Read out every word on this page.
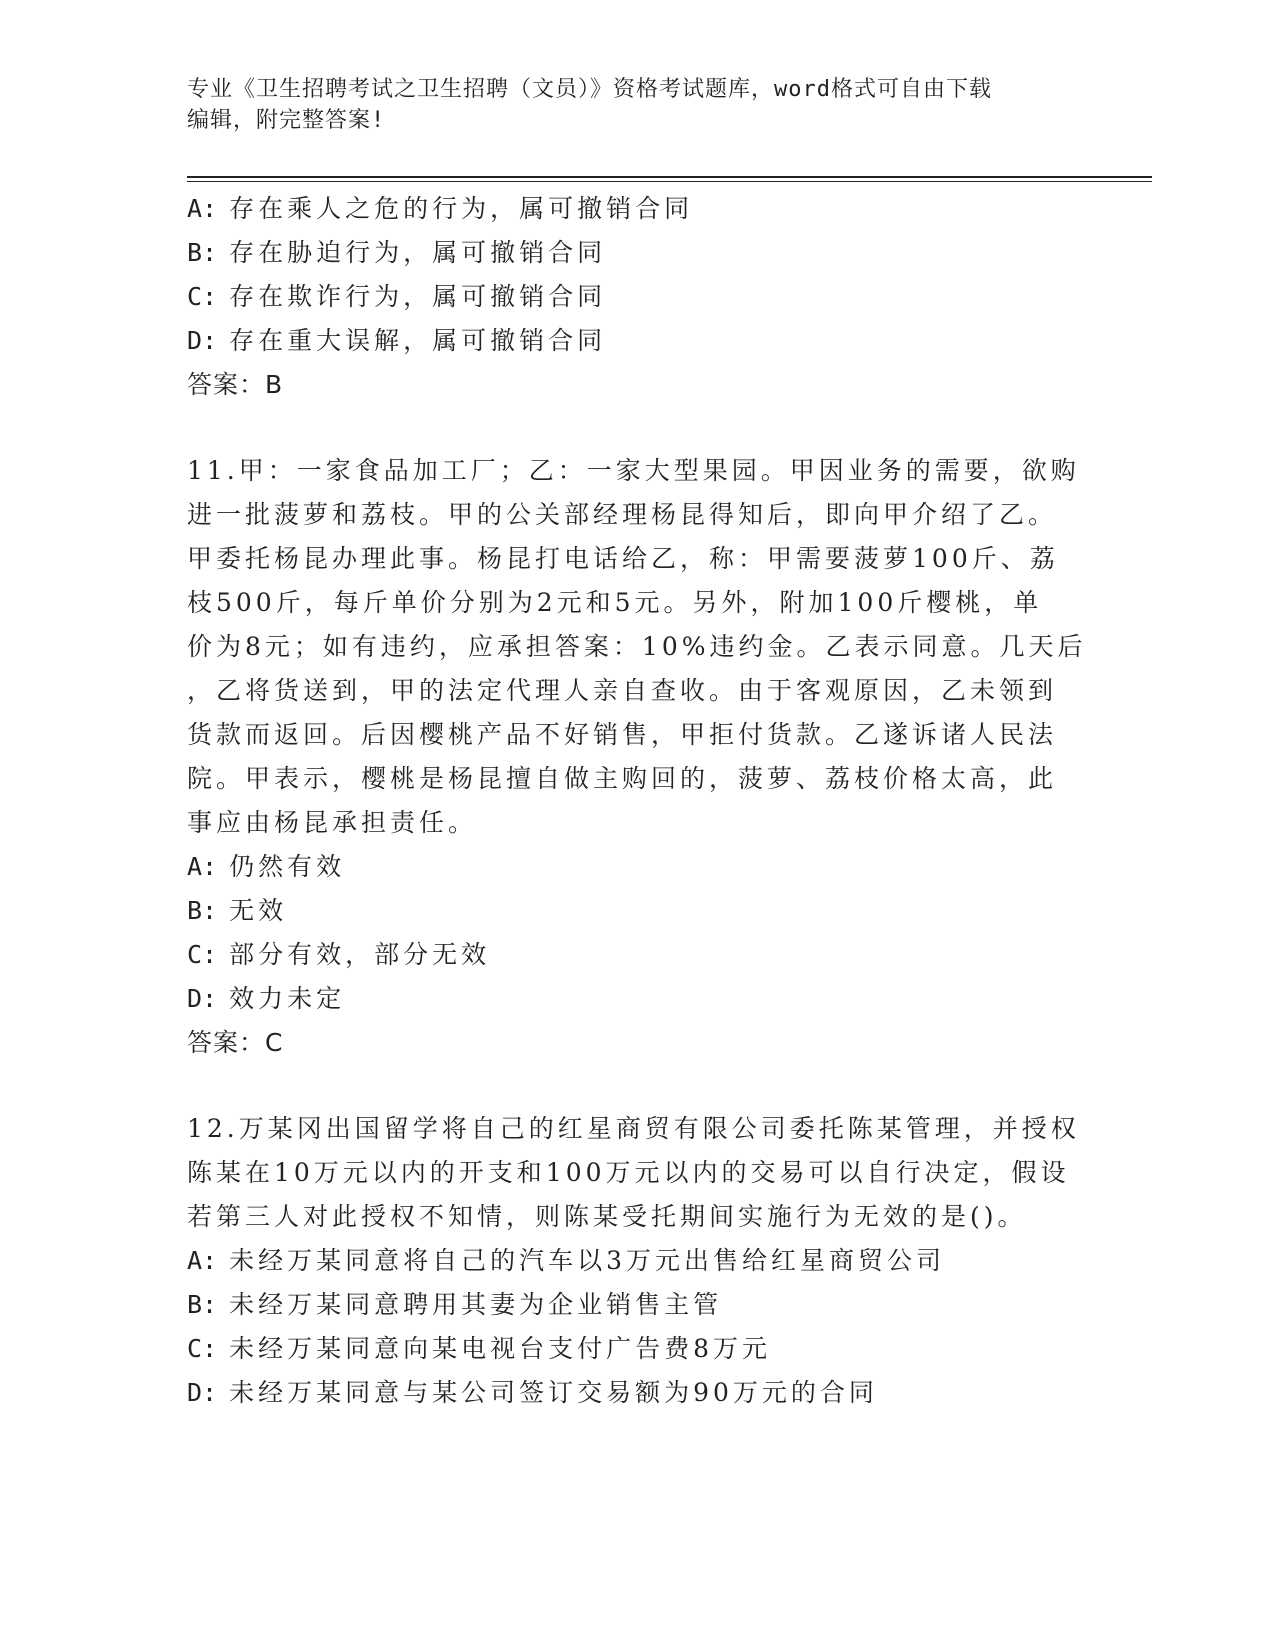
专业《卫生招聘考试之卫生招聘（文员）》资格考试题库，word格式可自由下载
编辑，附完整答案!
A: 存在乘人之危的行为，属可撤销合同
B: 存在胁迫行为，属可撤销合同
C: 存在欺诈行为，属可撤销合同
D: 存在重大误解，属可撤销合同
答案：B
11.甲：一家食品加工厂；乙：一家大型果园。甲因业务的需要，欲购
进一批菠萝和荔枝。甲的公关部经理杨昆得知后，即向甲介绍了乙。
甲委托杨昆办理此事。杨昆打电话给乙，称：甲需要菠萝100斤、荔
枝500斤，每斤单价分别为2元和5元。另外，附加100斤樱桃，单
价为8元；如有违约，应承担答案：10%违约金。乙表示同意。几天后
，乙将货送到，甲的法定代理人亲自查收。由于客观原因，乙未领到
货款而返回。后因樱桃产品不好销售，甲拒付货款。乙遂诉诸人民法
院。甲表示，樱桃是杨昆擅自做主购回的，菠萝、荔枝价格太高，此
事应由杨昆承担责任。
A: 仍然有效
B: 无效
C: 部分有效，部分无效
D: 效力未定
答案：C
12.万某冈出国留学将自己的红星商贸有限公司委托陈某管理，并授权
陈某在10万元以内的开支和100万元以内的交易可以自行决定，假设
若第三人对此授权不知情，则陈某受托期间实施行为无效的是()。
A: 未经万某同意将自己的汽车以3万元出售给红星商贸公司
B: 未经万某同意聘用其妻为企业销售主管
C: 未经万某同意向某电视台支付广告费8万元
D: 未经万某同意与某公司签订交易额为90万元的合同
